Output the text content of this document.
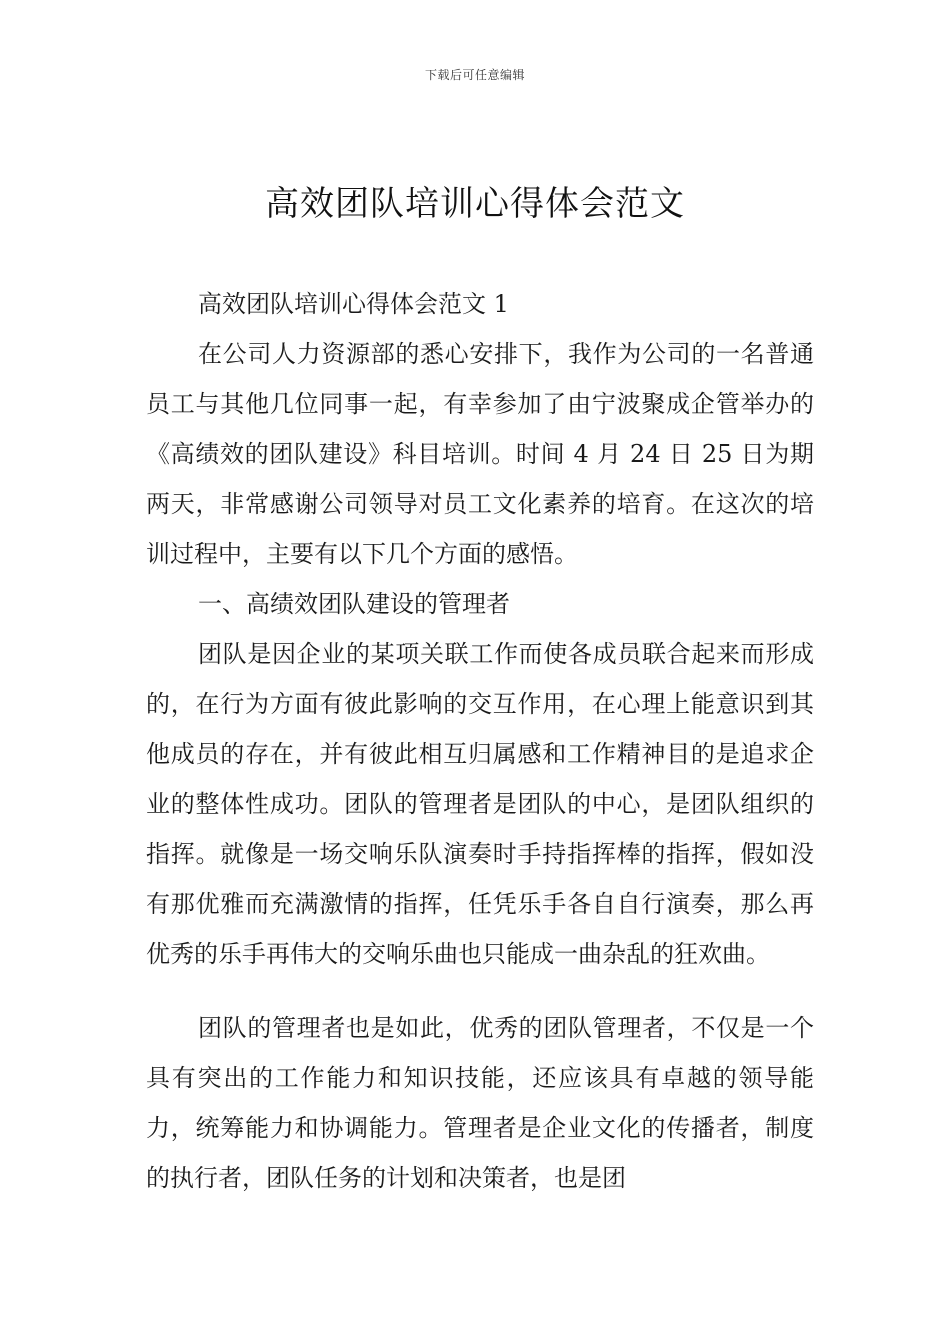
下载后可任意编辑
高效团队培训心得体会范文

高效团队培训心得体会范文 1

在公司人力资源部的悉心安排下，我作为公司的一名普通员工与其他几位同事一起，有幸参加了由宁波聚成企管举办的《高绩效的团队建设》科目培训。时间 4 月 24 日 25 日为期两天，非常感谢公司领导对员工文化素养的培育。在这次的培训过程中，主要有以下几个方面的感悟。

一、高绩效团队建设的管理者

团队是因企业的某项关联工作而使各成员联合起来而形成的，在行为方面有彼此影响的交互作用，在心理上能意识到其他成员的存在，并有彼此相互归属感和工作精神目的是追求企业的整体性成功。团队的管理者是团队的中心，是团队组织的指挥。就像是一场交响乐队演奏时手持指挥棒的指挥，假如没有那优雅而充满激情的指挥，任凭乐手各自自行演奏，那么再优秀的乐手再伟大的交响乐曲也只能成一曲杂乱的狂欢曲。

团队的管理者也是如此，优秀的团队管理者，不仅是一个具有突出的工作能力和知识技能，还应该具有卓越的领导能力，统筹能力和协调能力。管理者是企业文化的传播者，制度的执行者，团队任务的计划和决策者，也是团
